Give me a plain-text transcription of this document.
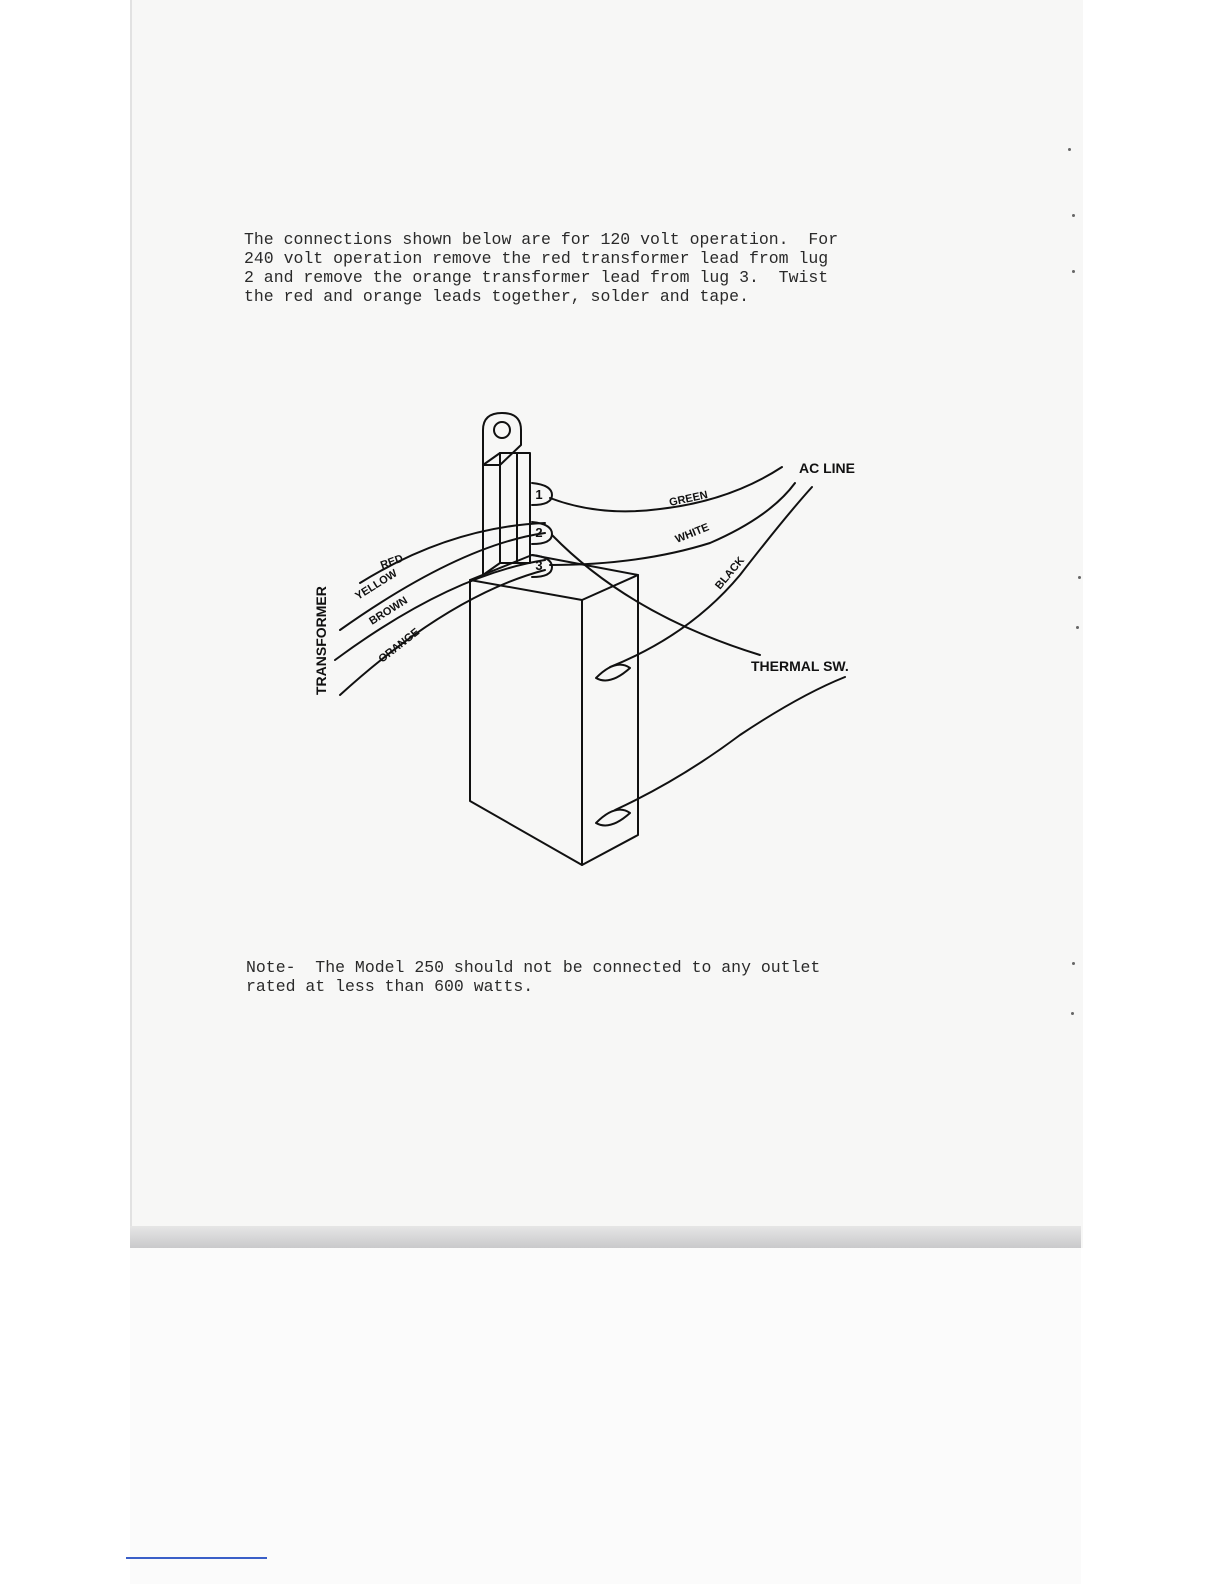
The connections shown below are for 120 volt operation.  For
240 volt operation remove the red transformer lead from lug
2 and remove the orange transformer lead from lug 3.  Twist
the red and orange leads together, solder and tape.
1
2
3
GREEN
WHITE
BLACK
RED
YELLOW
BROWN
ORANGE
AC LINE
THERMAL SW.
TRANSFORMER
Note-  The Model 250 should not be connected to any outlet
rated at less than 600 watts.
